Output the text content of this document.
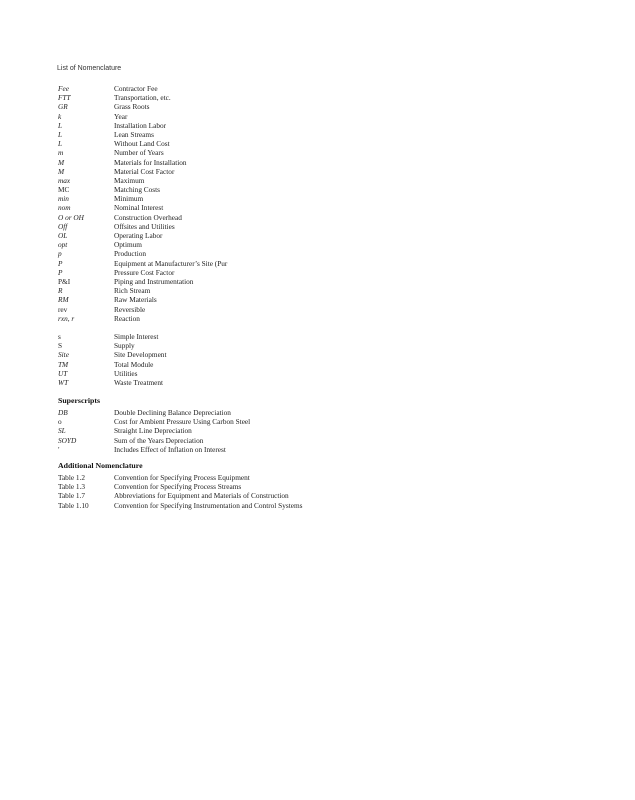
List of Nomenclature
Fee	Contractor Fee
FTT	Transportation, etc.
GR	Grass Roots
k	Year
L	Installation Labor
L	Lean Streams
L	Without Land Cost
m	Number of Years
M	Materials for Installation
M	Material Cost Factor
max	Maximum
MC	Matching Costs
min	Minimum
nom	Nominal Interest
O or OH	Construction Overhead
Off	Offsites and Utilities
OL	Operating Labor
opt	Optimum
p	Production
P	Equipment at Manufacturer’s Site (Pur
P	Pressure Cost Factor
P&I	Piping and Instrumentation
R	Rich Stream
RM	Raw Materials
rev	Reversible
rxn, r	Reaction
s	Simple Interest
S	Supply
Site	Site Development
TM	Total Module
UT	Utilities
WT	Waste Treatment
Superscripts
DB	Double Declining Balance Depreciation
o	Cost for Ambient Pressure Using Carbon Steel
SL	Straight Line Depreciation
SOYD	Sum of the Years Depreciation
′	Includes Effect of Inflation on Interest
Additional Nomenclature
Table 1.2	Convention for Specifying Process Equipment
Table 1.3	Convention for Specifying Process Streams
Table 1.7	Abbreviations for Equipment and Materials of Construction
Table 1.10	Convention for Specifying Instrumentation and Control Systems
